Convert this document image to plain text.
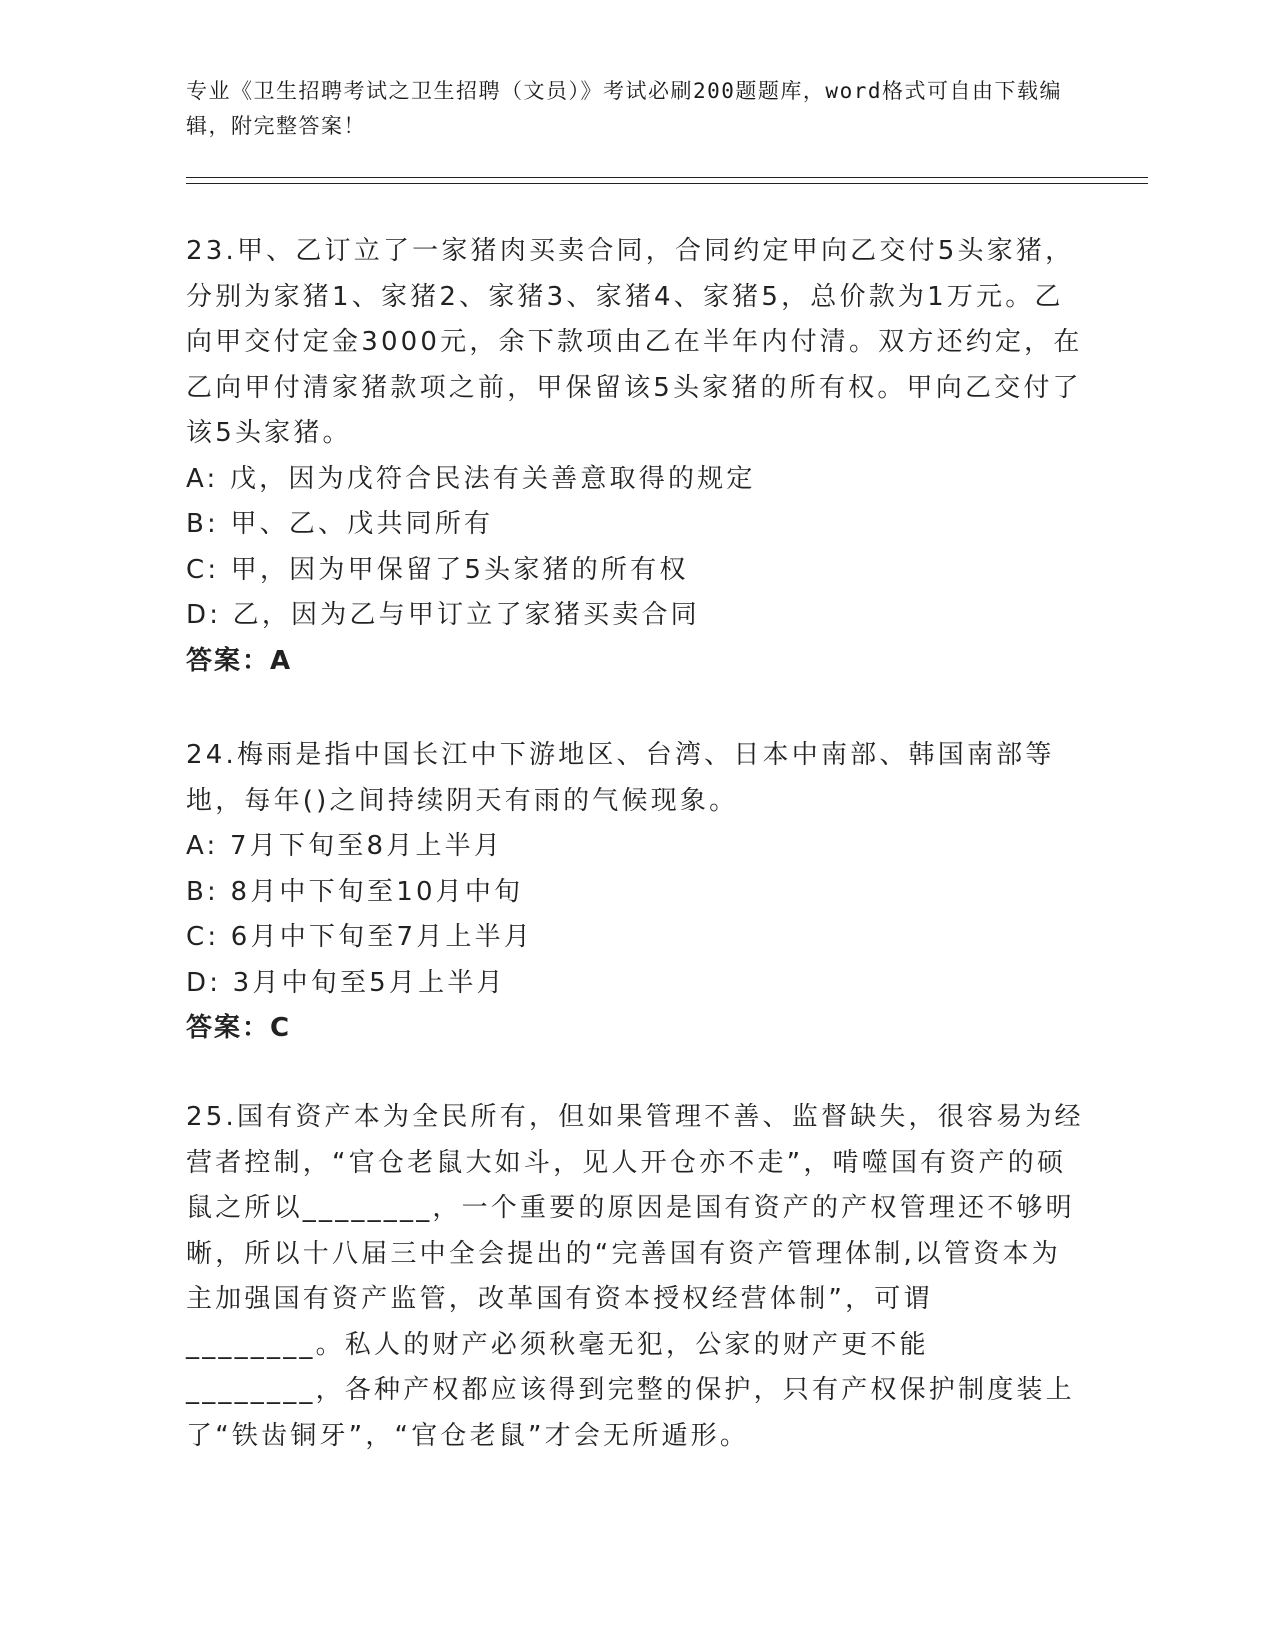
专业《卫生招聘考试之卫生招聘（文员）》考试必刷200题题库，word格式可自由下载编辑，附完整答案！

23.甲、乙订立了一家猪肉买卖合同，合同约定甲向乙交付5头家猪，分别为家猪1、家猪2、家猪3、家猪4、家猪5，总价款为1万元。乙向甲交付定金3000元，余下款项由乙在半年内付清。双方还约定，在乙向甲付清家猪款项之前，甲保留该5头家猪的所有权。甲向乙交付了该5头家猪。

A: 戊，因为戊符合民法有关善意取得的规定

B: 甲、乙、戊共同所有

C: 甲，因为甲保留了5头家猪的所有权

D: 乙，因为乙与甲订立了家猪买卖合同

答案：A

24.梅雨是指中国长江中下游地区、台湾、日本中南部、韩国南部等地，每年()之间持续阴天有雨的气候现象。

A: 7月下旬至8月上半月

B: 8月中下旬至10月中旬

C: 6月中下旬至7月上半月

D: 3月中旬至5月上半月

答案：C

25.国有资产本为全民所有，但如果管理不善、监督缺失，很容易为经营者控制，“官仓老鼠大如斗，见人开仓亦不走”，啃噬国有资产的硕鼠之所以________，一个重要的原因是国有资产的产权管理还不够明晰，所以十八届三中全会提出的“完善国有资产管理体制,以管资本为主加强国有资产监管，改革国有资本授权经营体制”，可谓________。私人的财产必须秋毫无犯，公家的财产更不能________，各种产权都应该得到完整的保护，只有产权保护制度装上了“铁齿铜牙”，“官仓老鼠”才会无所遁形。
